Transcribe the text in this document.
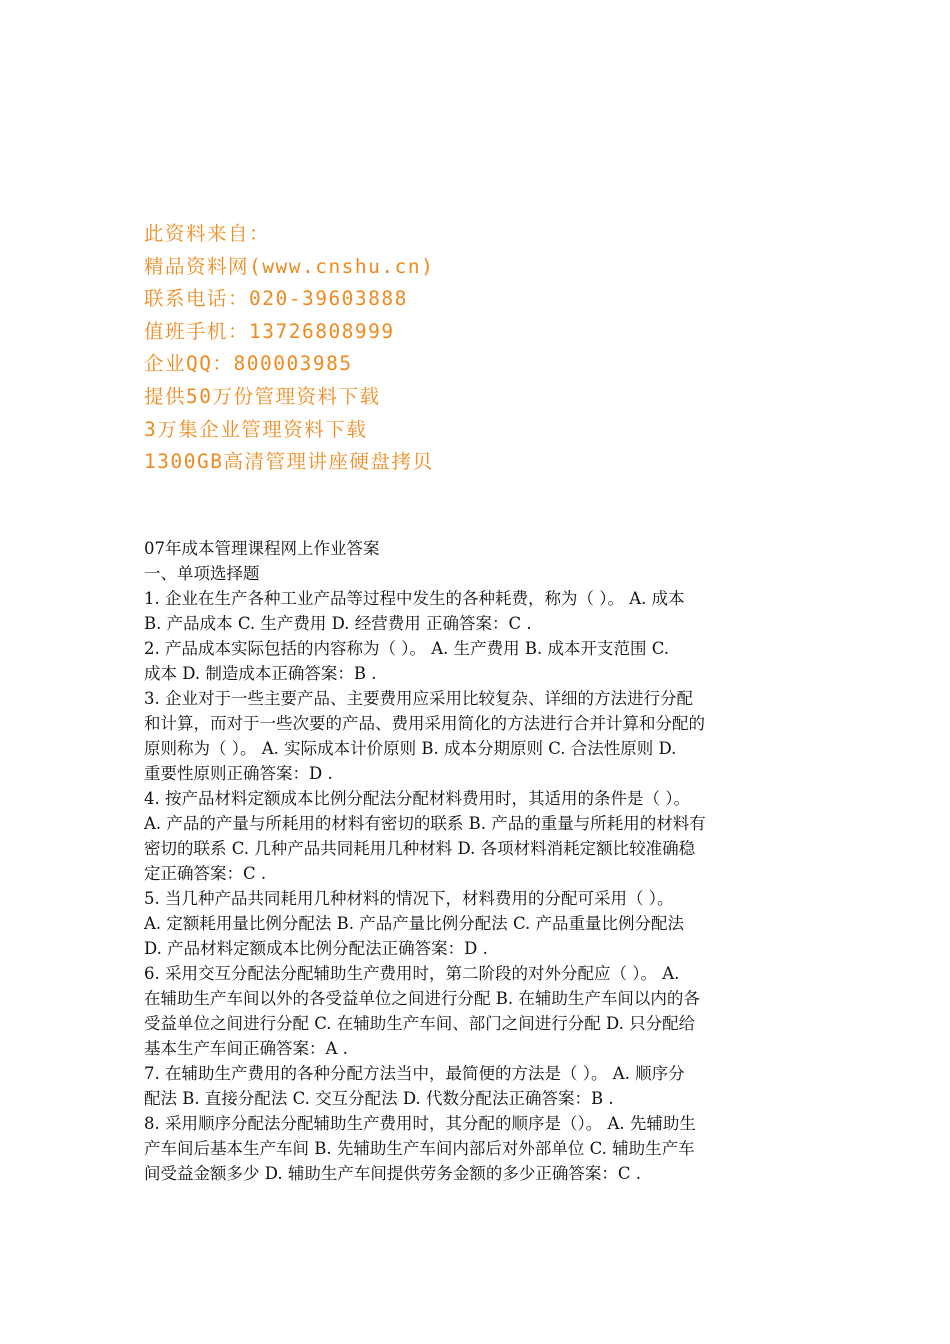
此资料来自：
精品资料网(www.cnshu.cn)
联系电话：020-39603888
值班手机：13726808999
企业QQ：800003985
提供50万份管理资料下载
3万集企业管理资料下载
1300GB高清管理讲座硬盘拷贝
07年成本管理课程网上作业答案
一、单项选择题
1. 企业在生产各种工业产品等过程中发生的各种耗费，称为（ ）。 A. 成本
B. 产品成本 C. 生产费用 D. 经营费用 正确答案：C .
2. 产品成本实际包括的内容称为（ ）。 A. 生产费用 B. 成本开支范围 C.
成本 D. 制造成本正确答案：B .
3. 企业对于一些主要产品、主要费用应采用比较复杂、详细的方法进行分配
和计算，而对于一些次要的产品、费用采用简化的方法进行合并计算和分配的
原则称为（ ）。 A. 实际成本计价原则 B. 成本分期原则 C. 合法性原则 D.
重要性原则正确答案：D .
4. 按产品材料定额成本比例分配法分配材料费用时，其适用的条件是（ ）。
A. 产品的产量与所耗用的材料有密切的联系 B. 产品的重量与所耗用的材料有
密切的联系 C. 几种产品共同耗用几种材料 D. 各项材料消耗定额比较准确稳
定正确答案：C .
5. 当几种产品共同耗用几种材料的情况下，材料费用的分配可采用（ ）。
A. 定额耗用量比例分配法 B. 产品产量比例分配法 C. 产品重量比例分配法
D. 产品材料定额成本比例分配法正确答案：D .
6. 采用交互分配法分配辅助生产费用时，第二阶段的对外分配应（ ）。 A.
在辅助生产车间以外的各受益单位之间进行分配 B. 在辅助生产车间以内的各
受益单位之间进行分配 C. 在辅助生产车间、部门之间进行分配 D. 只分配给
基本生产车间正确答案：A .
7. 在辅助生产费用的各种分配方法当中，最简便的方法是（ ）。 A. 顺序分
配法 B. 直接分配法 C. 交互分配法 D. 代数分配法正确答案：B .
8. 采用顺序分配法分配辅助生产费用时，其分配的顺序是（）。 A. 先辅助生
产车间后基本生产车间 B. 先辅助生产车间内部后对外部单位 C. 辅助生产车
间受益金额多少 D. 辅助生产车间提供劳务金额的多少正确答案：C .
